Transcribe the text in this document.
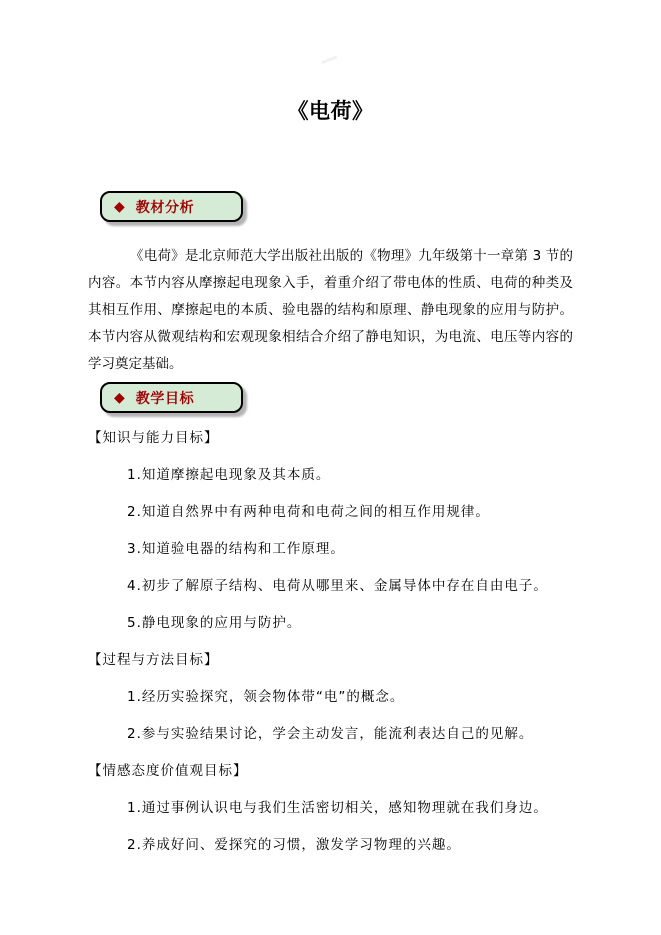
《电荷》
◆ 教材分析

《电荷》是北京师范大学出版社出版的《物理》九年级第十一章第 3 节的内容。本节内容从摩擦起电现象入手，着重介绍了带电体的性质、电荷的种类及其相互作用、摩擦起电的本质、验电器的结构和原理、静电现象的应用与防护。本节内容从微观结构和宏观现象相结合介绍了静电知识，为电流、电压等内容的学习奠定基础。

◆ 教学目标
【知识与能力目标】
1.知道摩擦起电现象及其本质。
2.知道自然界中有两种电荷和电荷之间的相互作用规律。
3.知道验电器的结构和工作原理。
4.初步了解原子结构、电荷从哪里来、金属导体中存在自由电子。
5.静电现象的应用与防护。
【过程与方法目标】
1.经历实验探究，领会物体带“电”的概念。
2.参与实验结果讨论，学会主动发言，能流利表达自己的见解。
【情感态度价值观目标】
1.通过事例认识电与我们生活密切相关，感知物理就在我们身边。
2.养成好问、爱探究的习惯，激发学习物理的兴趣。
